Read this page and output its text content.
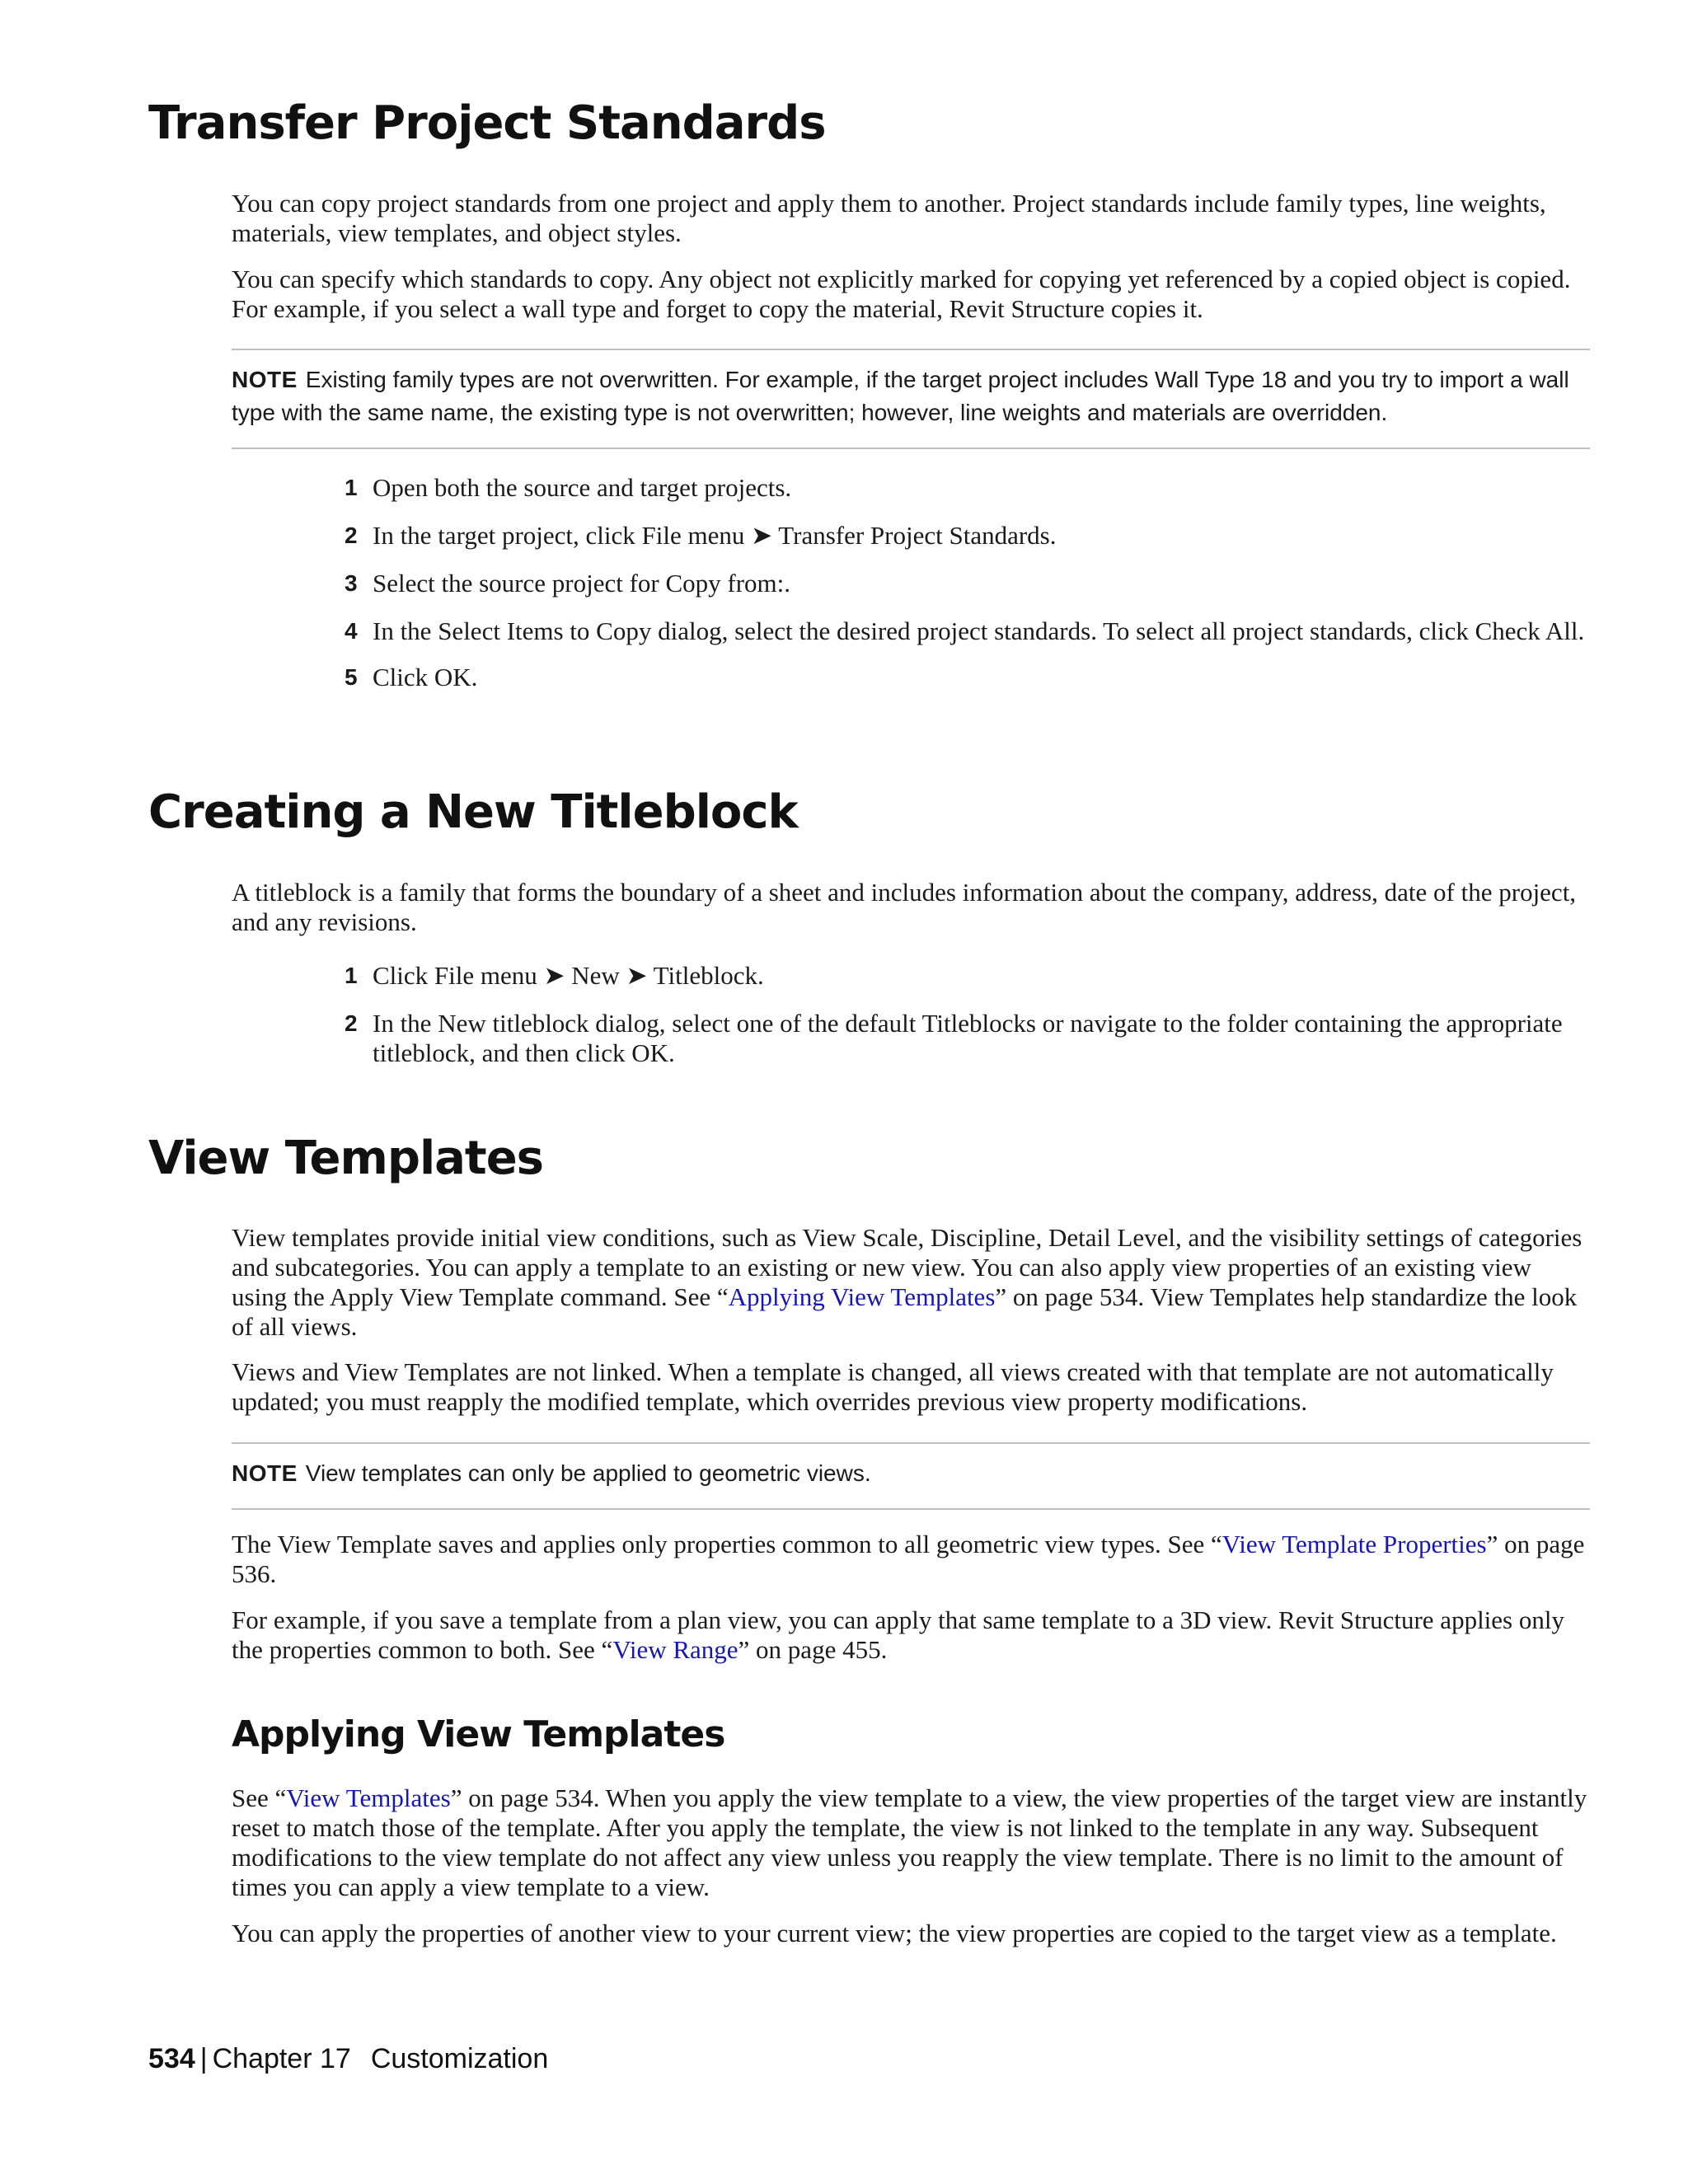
Transfer Project Standards

You can copy project standards from one project and apply them to another. Project standards include family types, line weights, materials, view templates, and object styles.

You can specify which standards to copy. Any object not explicitly marked for copying yet referenced by a copied object is copied. For example, if you select a wall type and forget to copy the material, Revit Structure copies it.

NOTE Existing family types are not overwritten. For example, if the target project includes Wall Type 18 and you try to import a wall type with the same name, the existing type is not overwritten; however, line weights and materials are overridden.
1 Open both the source and target projects.
2 In the target project, click File menu ➤ Transfer Project Standards.
3 Select the source project for Copy from:.
4 In the Select Items to Copy dialog, select the desired project standards. To select all project standards, click Check All.
5 Click OK.
Creating a New Titleblock

A titleblock is a family that forms the boundary of a sheet and includes information about the company, address, date of the project, and any revisions.

1 Click File menu ➤ New ➤ Titleblock.
2 In the New titleblock dialog, select one of the default Titleblocks or navigate to the folder containing the appropriate titleblock, and then click OK.
View Templates

View templates provide initial view conditions, such as View Scale, Discipline, Detail Level, and the visibility settings of categories and subcategories. You can apply a template to an existing or new view. You can also apply view properties of an existing view using the Apply View Template command. See “Applying View Templates” on page 534. View Templates help standardize the look of all views.

Views and View Templates are not linked. When a template is changed, all views created with that template are not automatically updated; you must reapply the modified template, which overrides previous view property modifications.

NOTE View templates can only be applied to geometric views.

The View Template saves and applies only properties common to all geometric view types. See “View Template Properties” on page 536.

For example, if you save a template from a plan view, you can apply that same template to a 3D view. Revit Structure applies only the properties common to both. See “View Range” on page 455.

Applying View Templates

See “View Templates” on page 534. When you apply the view template to a view, the view properties of the target view are instantly reset to match those of the template. After you apply the template, the view is not linked to the template in any way. Subsequent modifications to the view template do not affect any view unless you reapply the view template. There is no limit to the amount of times you can apply a view template to a view.

You can apply the properties of another view to your current view; the view properties are copied to the target view as a template.

534 | Chapter 17 Customization
